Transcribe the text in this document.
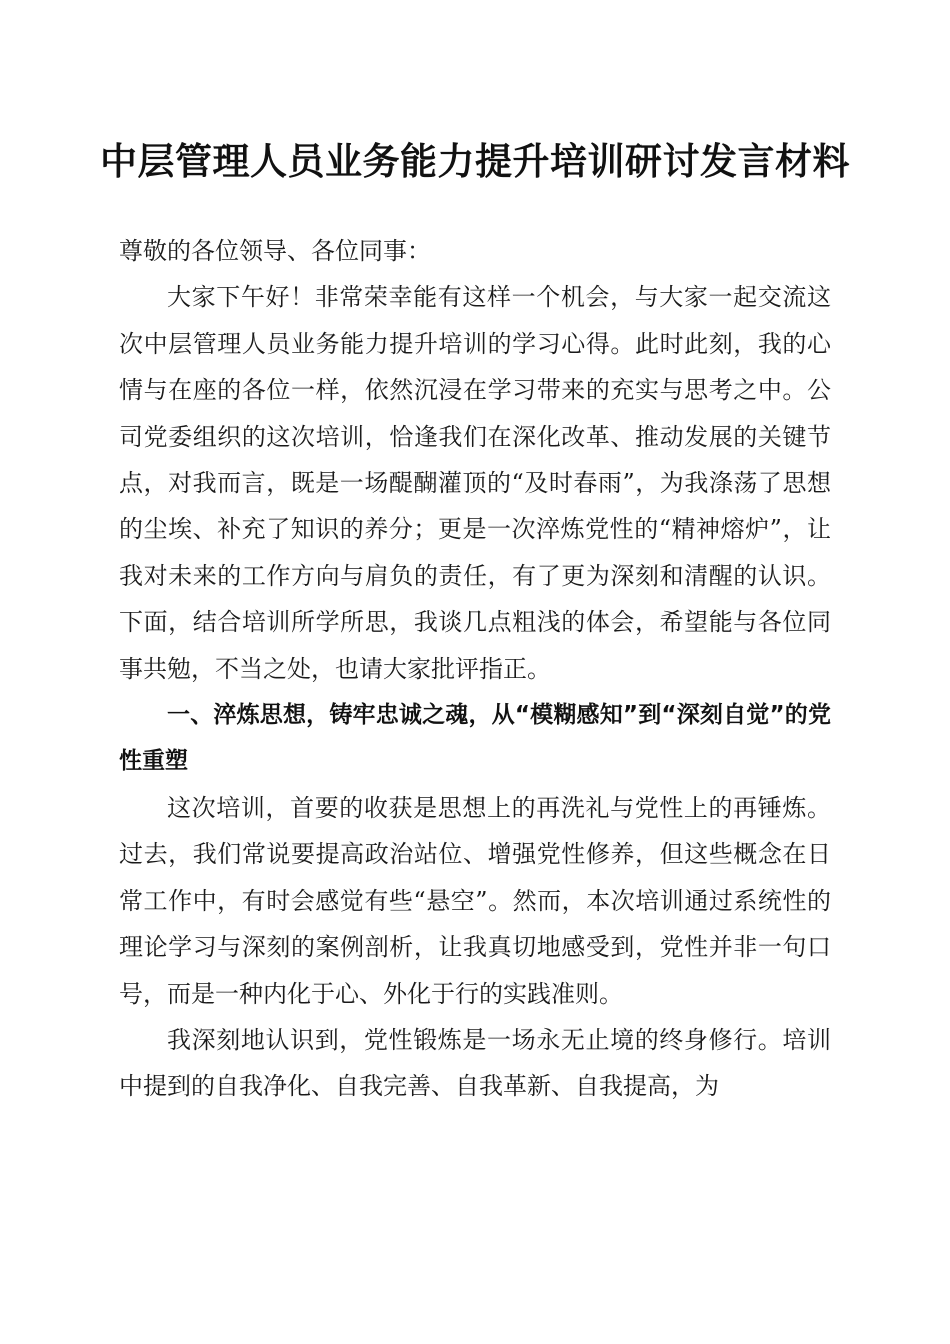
中层管理人员业务能力提升培训研讨发言材料

尊敬的各位领导、各位同事：

大家下午好！非常荣幸能有这样一个机会，与大家一起交流这次中层管理人员业务能力提升培训的学习心得。此时此刻，我的心情与在座的各位一样，依然沉浸在学习带来的充实与思考之中。公司党委组织的这次培训，恰逢我们在深化改革、推动发展的关键节点，对我而言，既是一场醍醐灌顶的“及时春雨”，为我涤荡了思想的尘埃、补充了知识的养分；更是一次淬炼党性的“精神熔炉”，让我对未来的工作方向与肩负的责任，有了更为深刻和清醒的认识。下面，结合培训所学所思，我谈几点粗浅的体会，希望能与各位同事共勉，不当之处，也请大家批评指正。

一、淬炼思想，铸牢忠诚之魂，从“模糊感知”到“深刻自觉”的党性重塑

这次培训，首要的收获是思想上的再洗礼与党性上的再锤炼。过去，我们常说要提高政治站位、增强党性修养，但这些概念在日常工作中，有时会感觉有些“悬空”。然而，本次培训通过系统性的理论学习与深刻的案例剖析，让我真切地感受到，党性并非一句口号，而是一种内化于心、外化于行的实践准则。

我深刻地认识到，党性锻炼是一场永无止境的终身修行。培训中提到的自我净化、自我完善、自我革新、自我提高，为
